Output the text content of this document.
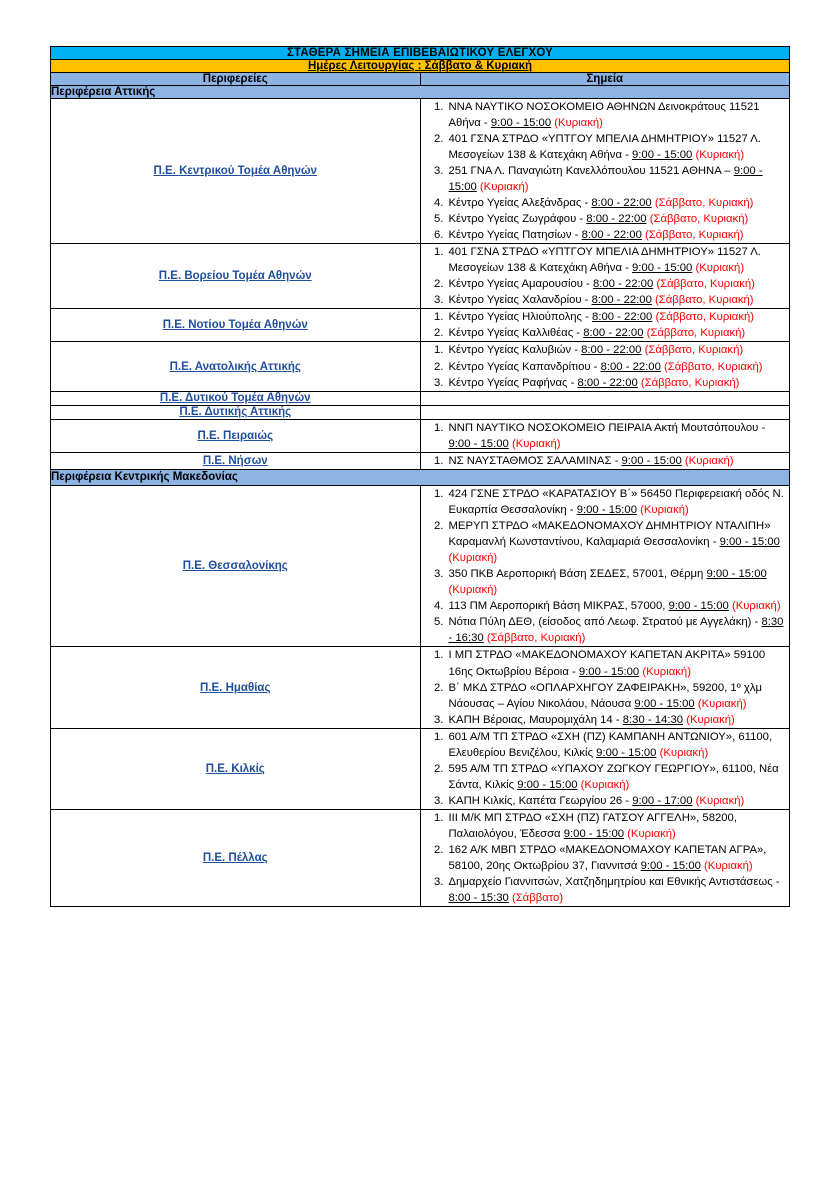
ΣΤΑΘΕΡΑ ΣΗΜΕΙΑ ΕΠΙΒΕΒΑΙΩΤΙΚΟΥ ΕΛΕΓΧΟΥ	
Ημέρες Λειτουργίας : Σάββατο & Κυριακή	
Περιφερείες	Σημεία
Περιφέρεια Αττικής	
Π.Ε. Κεντρικού Τομέα Αθηνών	
1. ΝΝΑ ΝΑΥΤΙΚΟ ΝΟΣΟΚΟΜΕΙΟ ΑΘΗΝΩΝ Δεινοκράτους 11521 Αθήνα - 9:00 - 15:00 (Κυριακή)
2. 401 ΓΣΝΑ ΣΤΡΔΟ «ΥΠΤΓΟΥ ΜΠΕΛΙΑ ΔΗΜΗΤΡΙΟΥ» 11527 Λ. Μεσογείων 138 & Κατεχάκη Αθήνα - 9:00 - 15:00 (Κυριακή)
3. 251 ΓΝΑ Λ. Παναγιώτη Κανελλόπουλου 11521 ΑΘΗΝΑ – 9:00 - 15:00 (Κυριακή)
4. Κέντρο Υγείας Αλεξάνδρας - 8:00 - 22:00 (Σάββατο, Κυριακή)
5. Κέντρο Υγείας Ζωγράφου - 8:00 - 22:00 (Σάββατο, Κυριακή)
6. Κέντρο Υγείας Πατησίων - 8:00 - 22:00 (Σάββατο, Κυριακή)

Π.Ε. Βορείου Τομέα Αθηνών	
1. 401 ΓΣΝΑ ΣΤΡΔΟ «ΥΠΤΓΟΥ ΜΠΕΛΙΑ ΔΗΜΗΤΡΙΟΥ» 11527 Λ. Μεσογείων 138 & Κατεχάκη Αθήνα - 9:00 - 15:00 (Κυριακή)
2. Κέντρο Υγείας Αμαρουσίου - 8:00 - 22:00 (Σάββατο, Κυριακή)
3. Κέντρο Υγείας Χαλανδρίου - 8:00 - 22:00 (Σάββατο, Κυριακή)

Π.Ε. Νοτίου Τομέα Αθηνών	
1. Κέντρο Υγείας Ηλιούπολης - 8:00 - 22:00 (Σάββατο, Κυριακή)
2. Κέντρο Υγείας Καλλιθέας - 8:00 - 22:00 (Σάββατο, Κυριακή)

Π.Ε. Ανατολικής Αττικής	
1. Κέντρο Υγείας Καλυβιών - 8:00 - 22:00 (Σάββατο, Κυριακή)
2. Κέντρο Υγείας Καπανδρίτιου - 8:00 - 22:00 (Σάββατο, Κυριακή)
3. Κέντρο Υγείας Ραφήνας - 8:00 - 22:00 (Σάββατο, Κυριακή)

Π.Ε. Δυτικού Τομέα Αθηνών	
Π.Ε. Δυτικής Αττικής	
Π.Ε. Πειραιώς	
1. ΝΝΠ ΝΑΥΤΙΚΟ ΝΟΣΟΚΟΜΕΙΟ ΠΕΙΡΑΙΑ Ακτή Μουτσόπουλου - 9:00 - 15:00 (Κυριακή)

Π.Ε. Νήσων	
1.ΝΣ ΝΑΥΣΤΑΘΜΟΣ ΣΑΛΑΜΙΝΑΣ - 9:00 - 15:00 (Κυριακή)

Περιφέρεια Κεντρικής Μακεδονίας	
Π.Ε. Θεσσαλονίκης	
1. 424 ΓΣΝΕ ΣΤΡΔΟ «ΚΑΡΑΤΑΣΙΟΥ Β΄» 56450 Περιφερειακή οδός Ν. Ευκαρπία Θεσσαλονίκη - 9:00 - 15:00 (Κυριακή)
2. ΜΕΡΥΠ ΣΤΡΔΟ «ΜΑΚΕΔΟΝΟΜΑΧΟΥ ΔΗΜΗΤΡΙΟΥ ΝΤΑΛΙΠΗ» Καραμανλή Κωνσταντίνου, Καλαμαριά Θεσσαλονίκη - 9:00 - 15:00 (Κυριακή)
3. 350 ΠΚΒ Αεροπορική Βάση ΣΕΔΕΣ, 57001, Θέρμη 9:00 - 15:00 (Κυριακή)
4. 113 ΠΜ Αεροπορική Βάση ΜΙΚΡΑΣ, 57000, 9:00 - 15:00 (Κυριακή)
5. Νότια Πύλη ΔΕΘ, (είσοδος από Λεωφ. Στρατού με Αγγελάκη) - 8:30 - 16:30 (Σάββατο, Κυριακή)

Π.Ε. Ημαθίας	
1. Ι ΜΠ ΣΤΡΔΟ «ΜΑΚΕΔΟΝΟΜΑΧΟΥ ΚΑΠΕΤΑΝ ΑΚΡΙΤΑ» 59100 16ης Οκτωβρίου Βέροια - 9:00 - 15:00 (Κυριακή)
2. Β΄ ΜΚΔ ΣΤΡΔΟ «ΟΠΛΑΡΧΗΓΟΥ ΖΑΦΕΙΡΑΚΗ», 59200, 1º χλμ Νάουσας – Αγίου Νικολάου, Νάουσα 9:00 - 15:00 (Κυριακή)
3. ΚΑΠΗ Βέροιας, Μαυρομιχάλη 14 - 8:30 - 14:30 (Κυριακή)

Π.Ε. Κιλκίς	
1. 601 Α/Μ ΤΠ ΣΤΡΔΟ «ΣΧΗ (ΠΖ) ΚΑΜΠΑΝΗ ΑΝΤΩΝΙΟΥ», 61100, Ελευθερίου Βενιζέλου, Κιλκίς 9:00 - 15:00 (Κυριακή)
2. 595 Α/Μ ΤΠ ΣΤΡΔΟ «ΥΠΑΧΟΥ ΖΩΓΚΟΥ ΓΕΩΡΓΙΟΥ», 61100, Νέα Σάντα, Κιλκίς 9:00 - 15:00 (Κυριακή)
3. ΚΑΠΗ Κιλκίς, Καπέτα Γεωργίου 26 - 9:00 - 17:00 (Κυριακή)

Π.Ε. Πέλλας	
1. ΙΙΙ Μ/Κ ΜΠ ΣΤΡΔΟ «ΣΧΗ (ΠΖ) ΓΑΤΣΟΥ ΑΓΓΕΛΗ», 58200, Παλαιολόγου, Έδεσσα 9:00 - 15:00 (Κυριακή)
2. 162 Α/Κ ΜΒΠ ΣΤΡΔΟ «ΜΑΚΕΔΟΝΟΜΑΧΟΥ ΚΑΠΕΤΑΝ ΑΓΡΑ», 58100, 20ης Οκτωβρίου 37, Γιαννιτσά 9:00 - 15:00 (Κυριακή)
3. Δημαρχείο Γιαννιτσών, Χατζηδημητρίου και Εθνικής Αντιστάσεως - 8:00 - 15:30 (Σάββατο)
